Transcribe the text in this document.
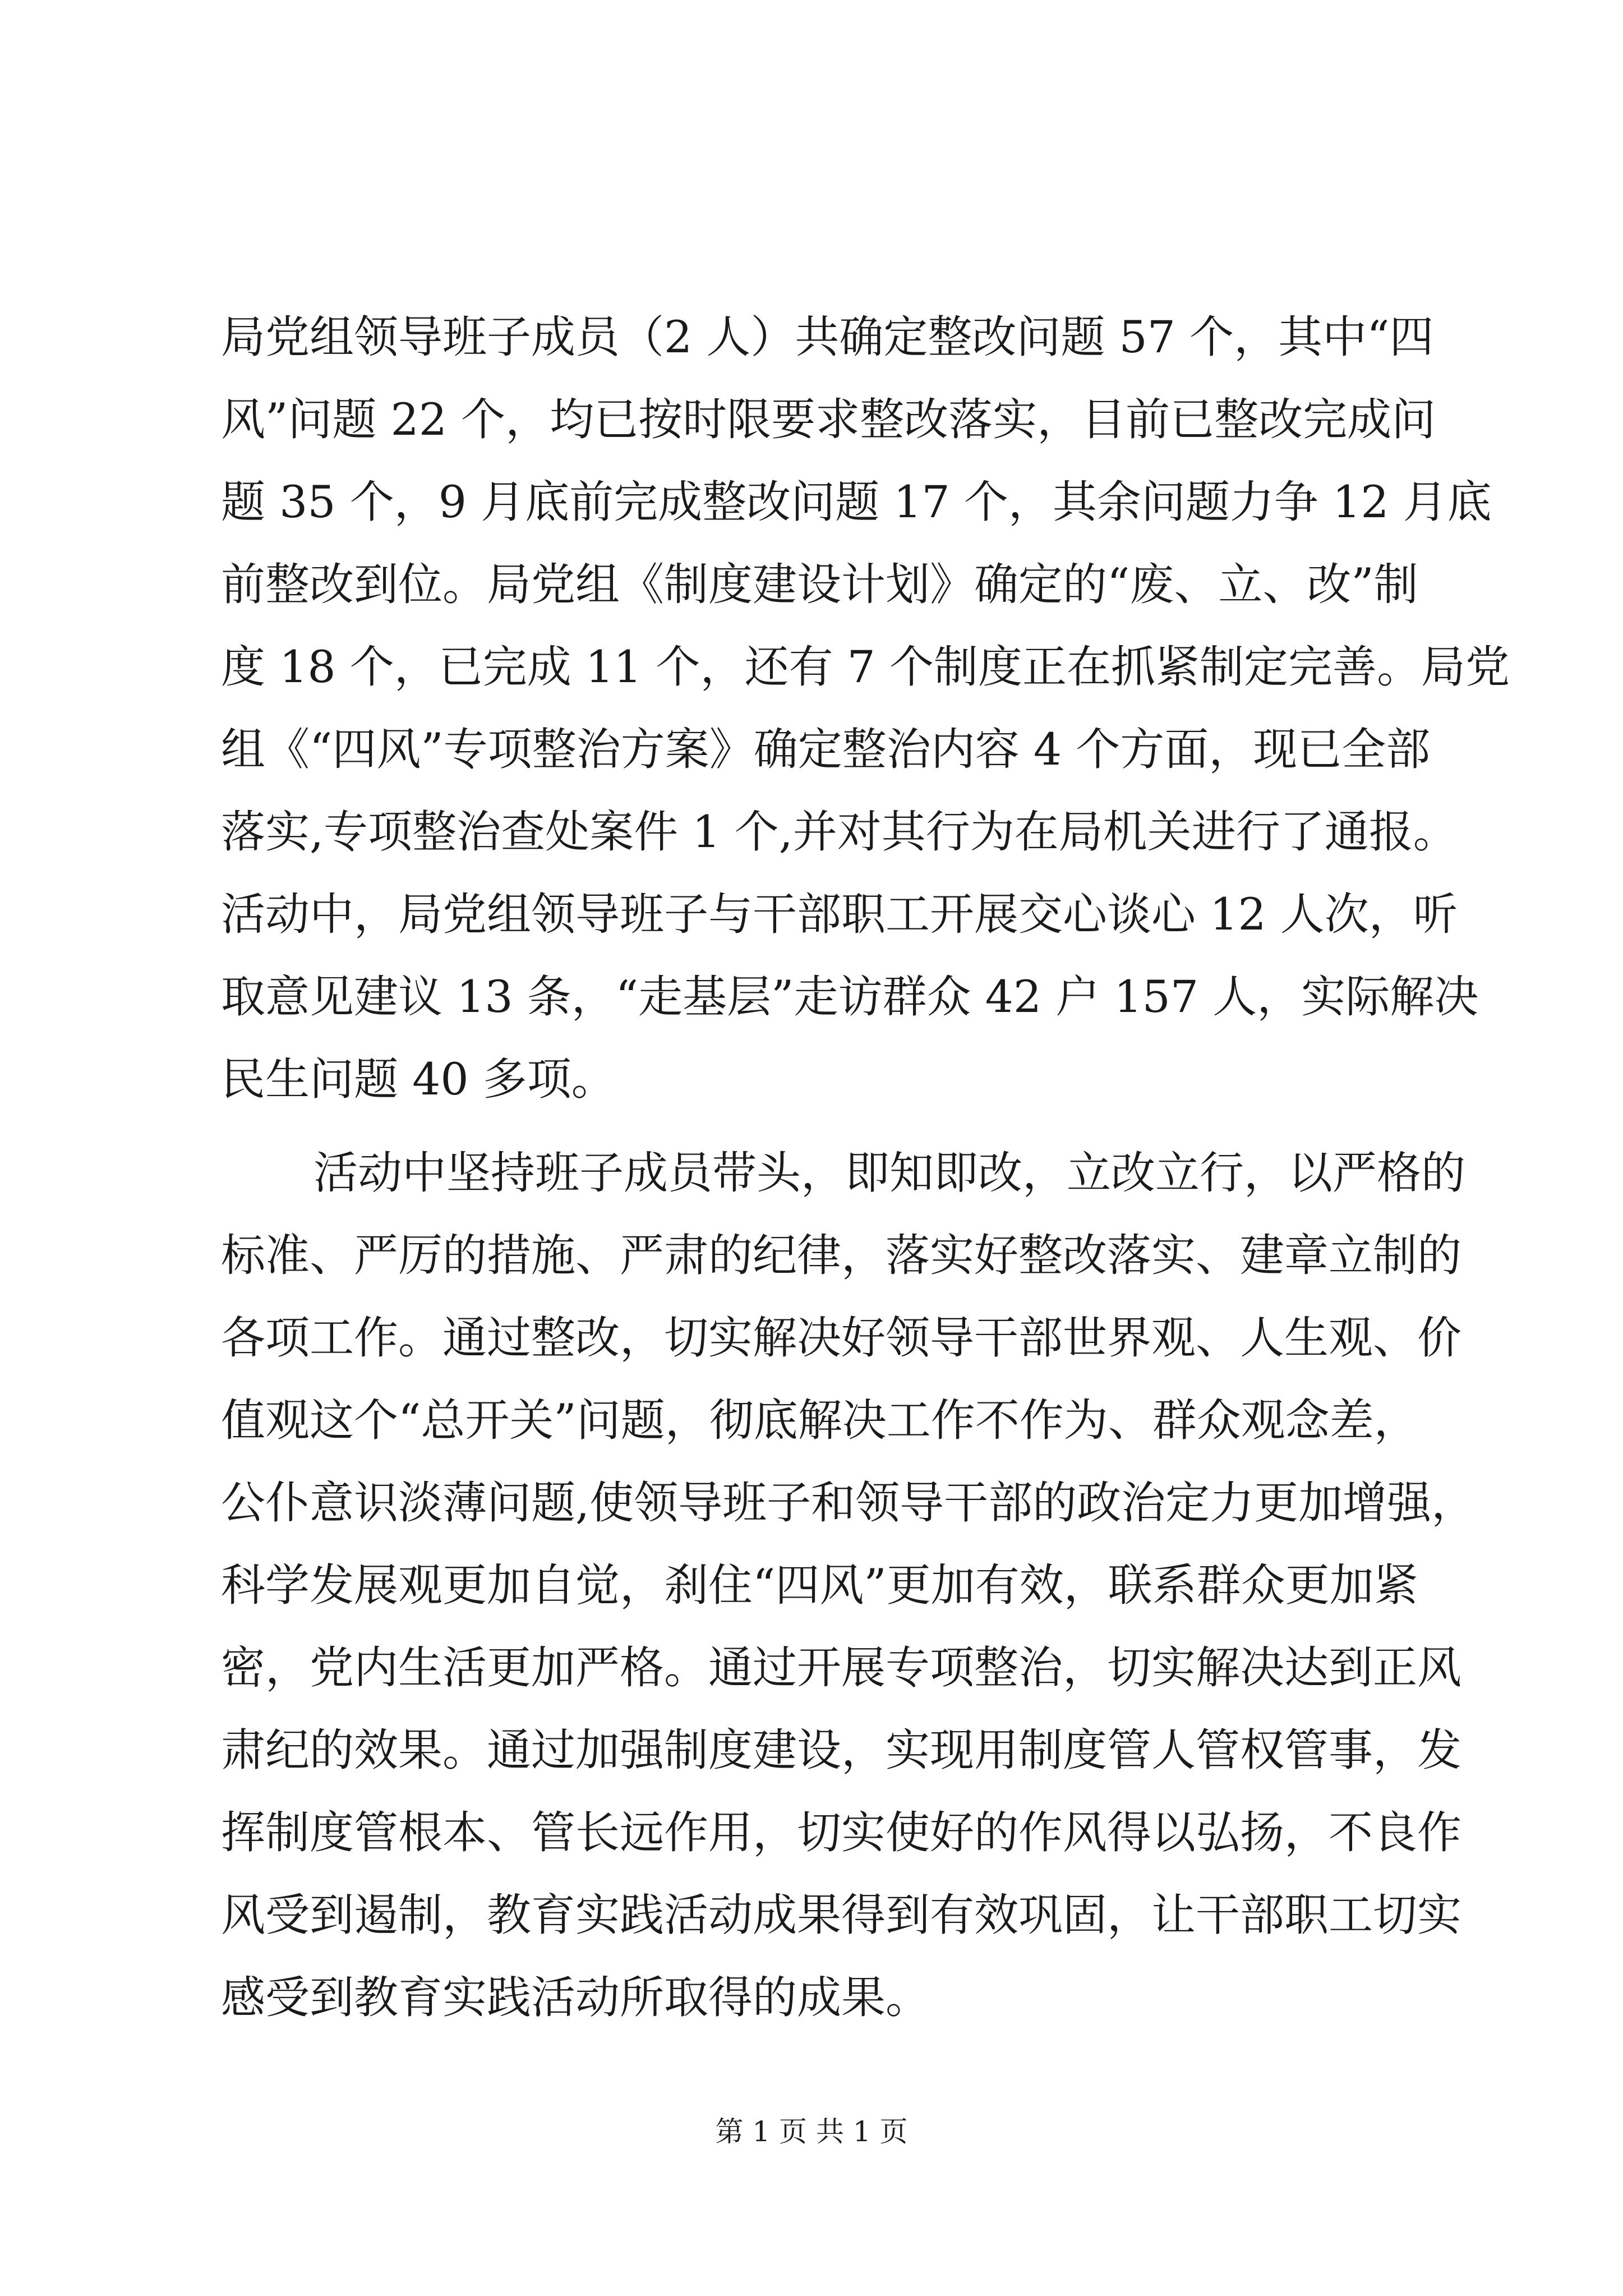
局党组领导班子成员（2 人）共确定整改问题 57 个，其中“四
风”问题 22 个，均已按时限要求整改落实，目前已整改完成问
题 35 个，9 月底前完成整改问题 17 个，其余问题力争 12 月底
前整改到位。局党组《制度建设计划》确定的“废、立、改”制
度 18 个，已完成 11 个，还有 7 个制度正在抓紧制定完善。局党
组《“四风”专项整治方案》确定整治内容 4 个方面，现已全部
落实,专项整治查处案件 1 个,并对其行为在局机关进行了通报。
活动中，局党组领导班子与干部职工开展交心谈心 12 人次，听
取意见建议 13 条，“走基层”走访群众 42 户 157 人，实际解决
民生问题 40 多项。
活动中坚持班子成员带头，即知即改，立改立行，以严格的
标准、严厉的措施、严肃的纪律，落实好整改落实、建章立制的
各项工作。通过整改，切实解决好领导干部世界观、人生观、价
值观这个“总开关”问题，彻底解决工作不作为、群众观念差，
公仆意识淡薄问题,使领导班子和领导干部的政治定力更加增强，
科学发展观更加自觉，刹住“四风”更加有效，联系群众更加紧
密，党内生活更加严格。通过开展专项整治，切实解决达到正风
肃纪的效果。通过加强制度建设，实现用制度管人管权管事，发
挥制度管根本、管长远作用，切实使好的作风得以弘扬，不良作
风受到遏制，教育实践活动成果得到有效巩固，让干部职工切实
感受到教育实践活动所取得的成果。
第 1 页 共 1 页
